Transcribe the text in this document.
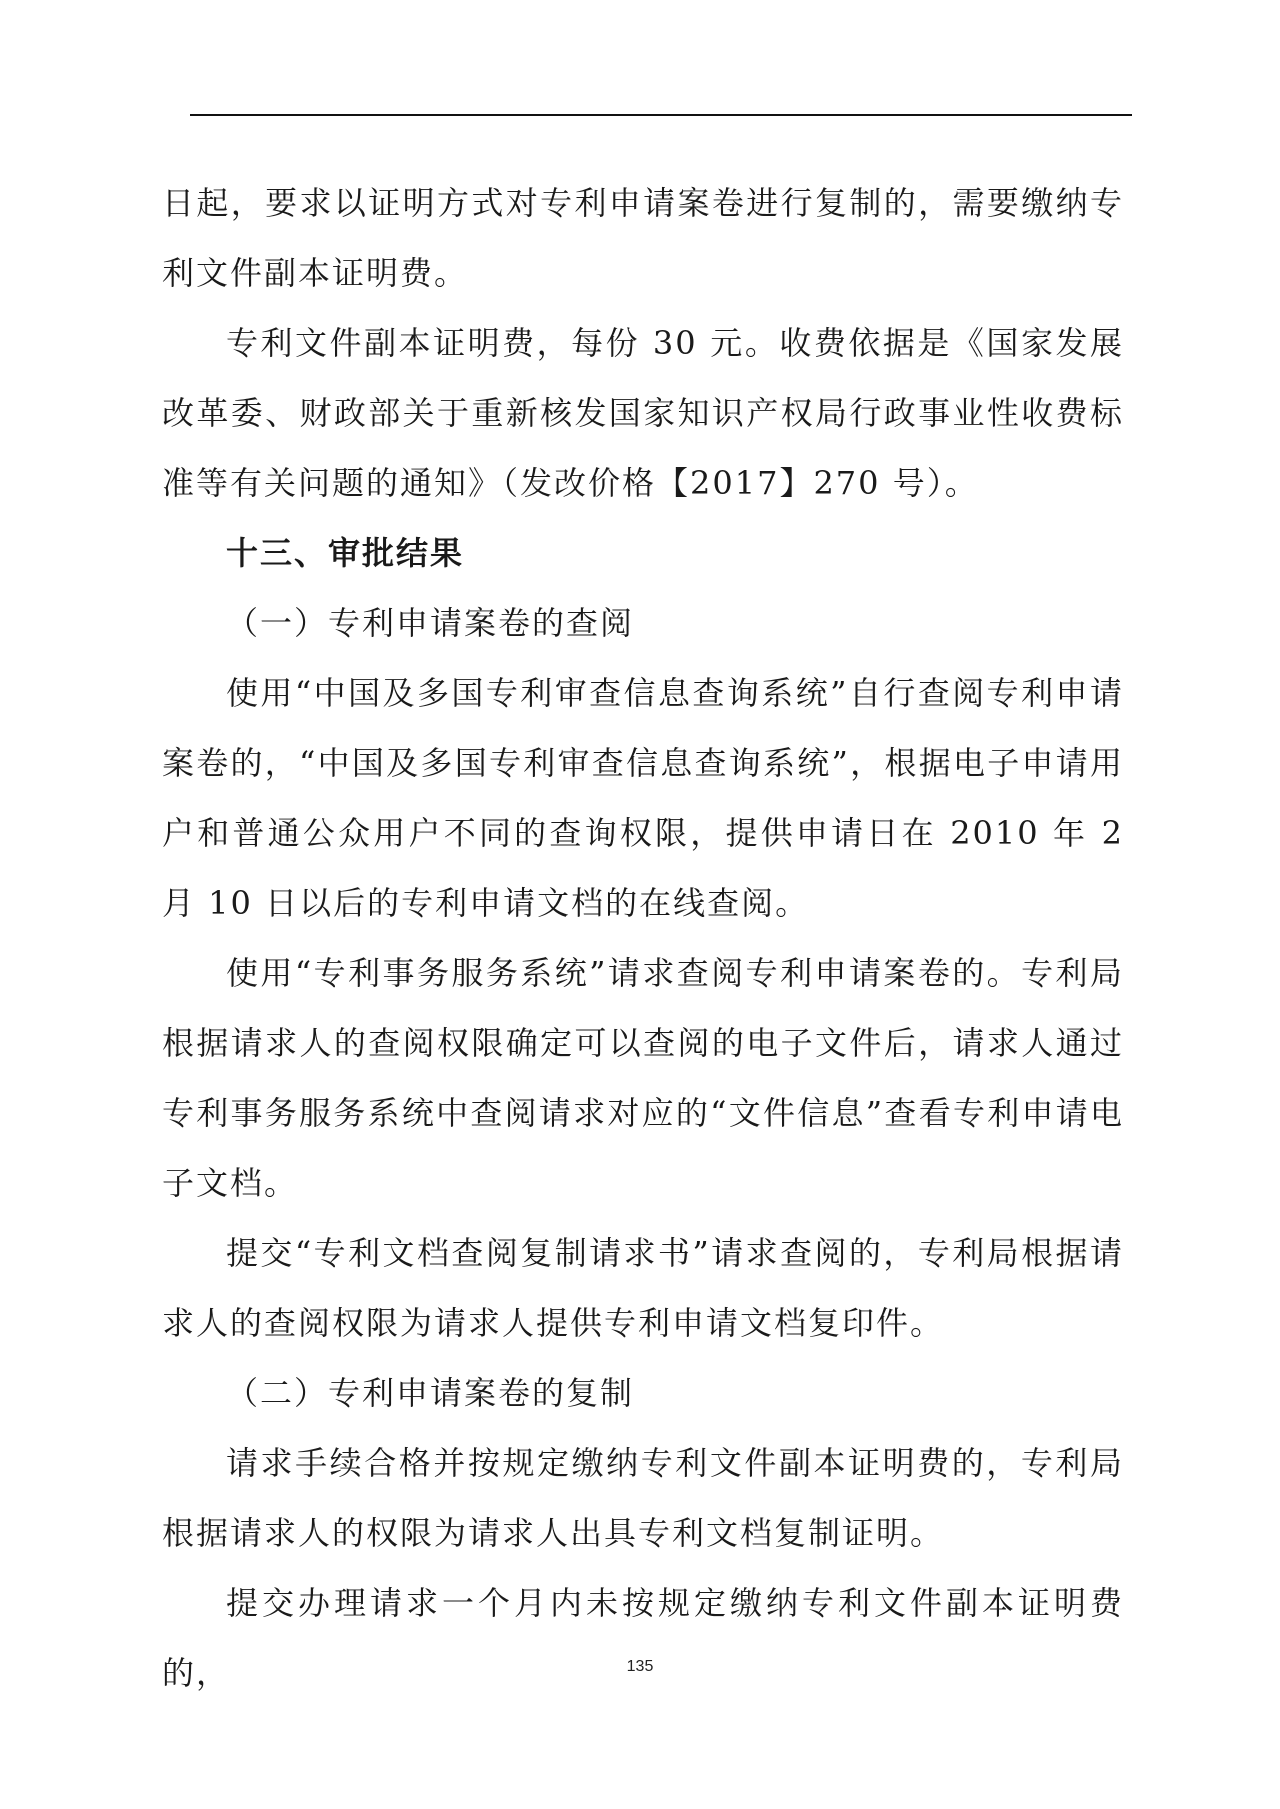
日起，要求以证明方式对专利申请案卷进行复制的，需要缴纳专利文件副本证明费。

专利文件副本证明费，每份 30 元。收费依据是《国家发展改革委、财政部关于重新核发国家知识产权局行政事业性收费标准等有关问题的通知》（发改价格【2017】270 号）。

十三、审批结果

（一）专利申请案卷的查阅

使用“中国及多国专利审查信息查询系统”自行查阅专利申请案卷的，“中国及多国专利审查信息查询系统”，根据电子申请用户和普通公众用户不同的查询权限，提供申请日在 2010 年 2 月 10 日以后的专利申请文档的在线查阅。

使用“专利事务服务系统”请求查阅专利申请案卷的。专利局根据请求人的查阅权限确定可以查阅的电子文件后，请求人通过专利事务服务系统中查阅请求对应的“文件信息”查看专利申请电子文档。

提交“专利文档查阅复制请求书”请求查阅的，专利局根据请求人的查阅权限为请求人提供专利申请文档复印件。

（二）专利申请案卷的复制

请求手续合格并按规定缴纳专利文件副本证明费的，专利局根据请求人的权限为请求人出具专利文档复制证明。

提交办理请求一个月内未按规定缴纳专利文件副本证明费的，	135
